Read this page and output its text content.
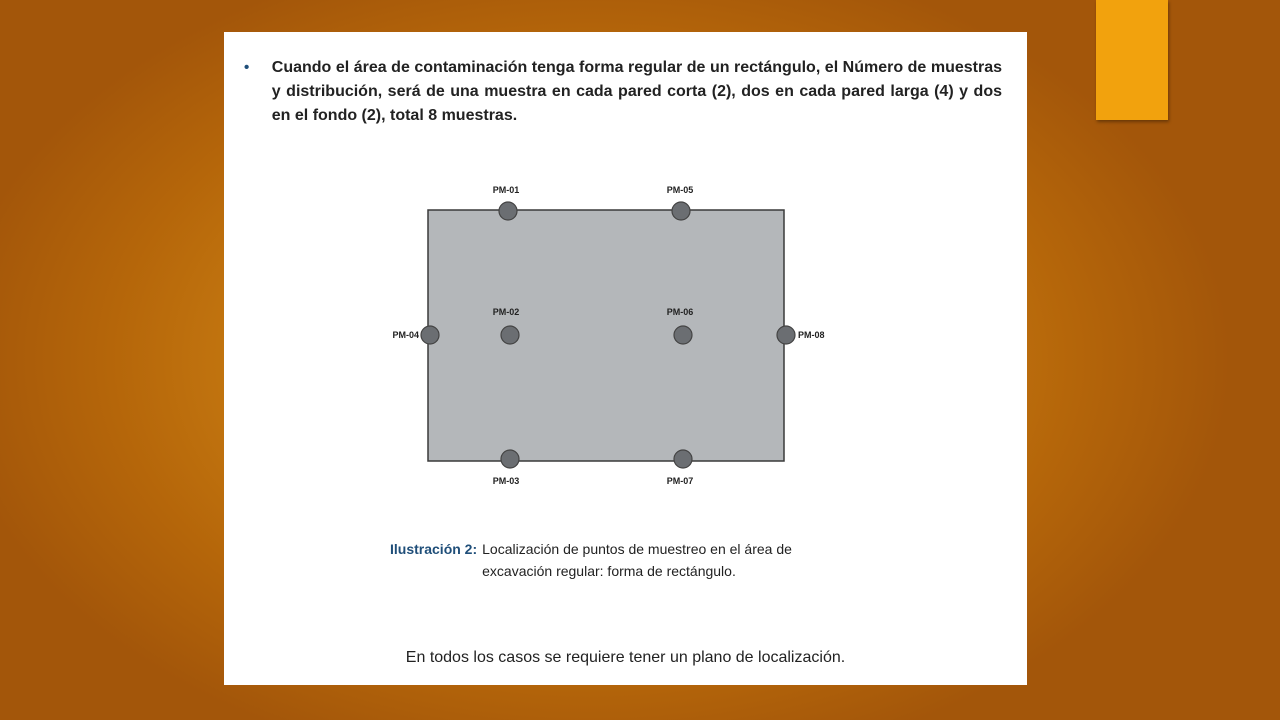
•	Cuando el área de contaminación tenga forma regular de un rectángulo, el Número de muestras y distribución, será de una muestra en cada pared corta (2), dos en cada pared larga (4) y dos en el fondo (2), total 8 muestras.
PM-01
PM-02
PM-03
PM-04
PM-05
PM-06
PM-07
PM-08
Ilustración 2: Localización de puntos de muestreo en el área de excavación regular: forma de rectángulo.
En todos los casos se requiere tener un plano de localización.
